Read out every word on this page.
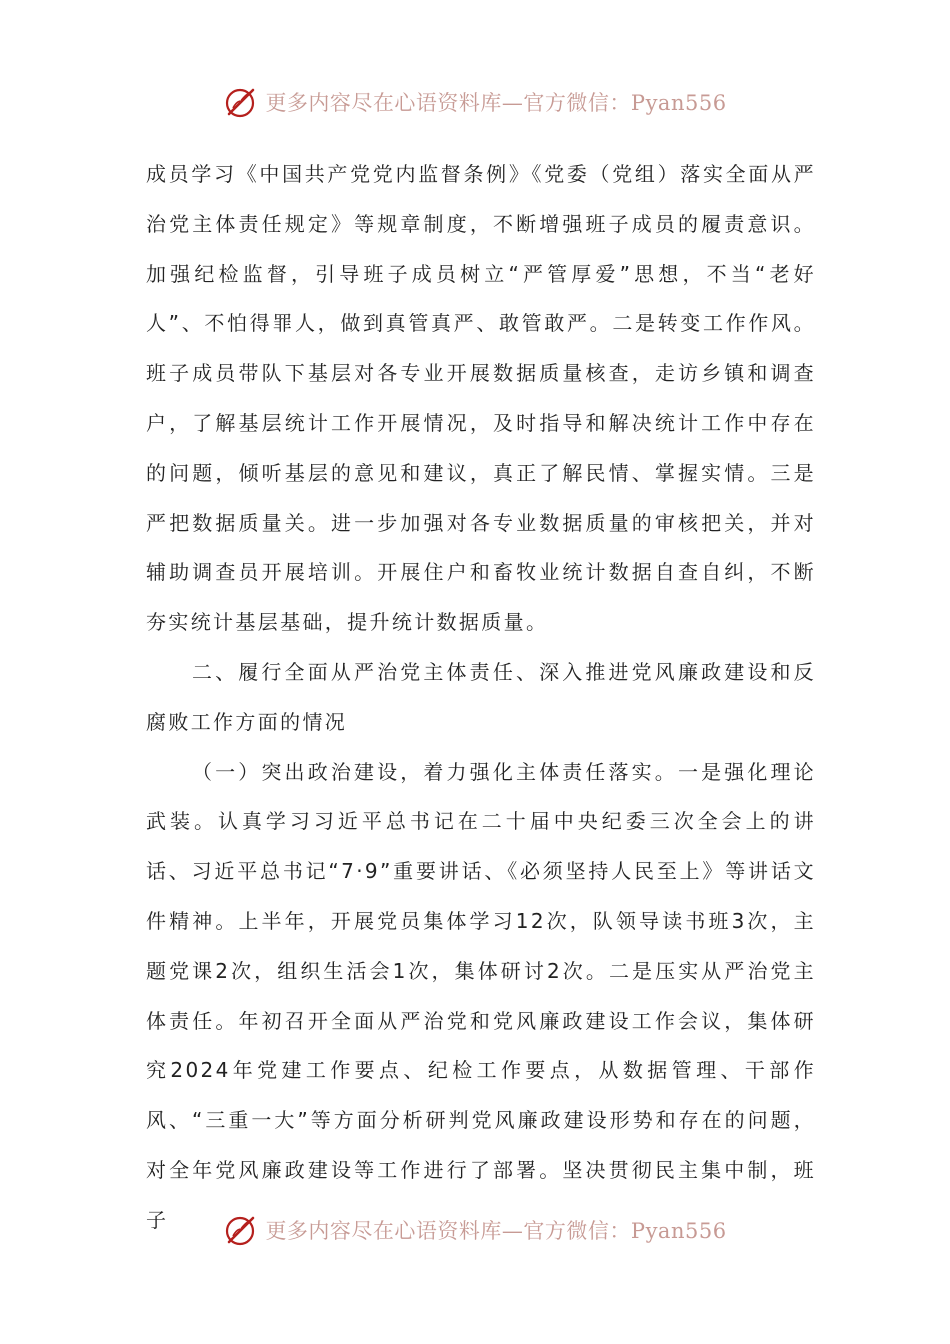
更多内容尽在心语资料库—官方微信：Pyan556

成员学习《中国共产党党内监督条例》《党委（党组）落实全面从严治党主体责任规定》等规章制度，不断增强班子成员的履责意识。加强纪检监督，引导班子成员树立“严管厚爱”思想，不当“老好人”、不怕得罪人，做到真管真严、敢管敢严。二是转变工作作风。班子成员带队下基层对各专业开展数据质量核查，走访乡镇和调查户，了解基层统计工作开展情况，及时指导和解决统计工作中存在的问题，倾听基层的意见和建议，真正了解民情、掌握实情。三是严把数据质量关。进一步加强对各专业数据质量的审核把关，并对辅助调查员开展培训。开展住户和畜牧业统计数据自查自纠，不断夯实统计基层基础，提升统计数据质量。

二、履行全面从严治党主体责任、深入推进党风廉政建设和反腐败工作方面的情况

（一）突出政治建设，着力强化主体责任落实。一是强化理论武装。认真学习习近平总书记在二十届中央纪委三次全会上的讲话、习近平总书记“7·9”重要讲话、《必须坚持人民至上》等讲话文件精神。上半年，开展党员集体学习12次，队领导读书班3次，主题党课2次，组织生活会1次，集体研讨2次。二是压实从严治党主体责任。年初召开全面从严治党和党风廉政建设工作会议，集体研究2024年党建工作要点、纪检工作要点，从数据管理、干部作风、“三重一大”等方面分析研判党风廉政建设形势和存在的问题，对全年党风廉政建设等工作进行了部署。坚决贯彻民主集中制，班子	更多内容尽在心语资料库—官方微信：Pyan556
